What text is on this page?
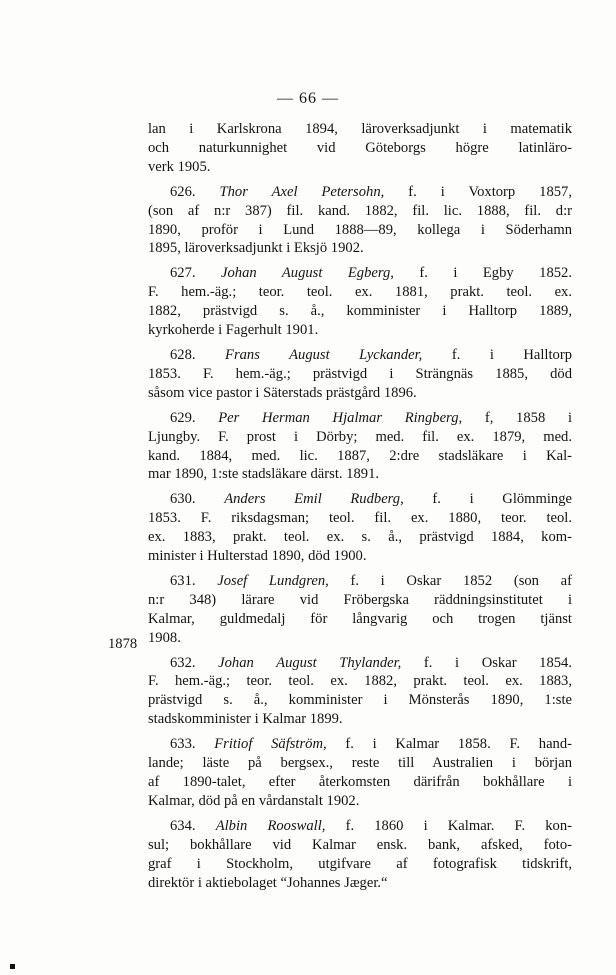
— 66 —
1878
lan i Karlskrona 1894, läroverksadjunkt i matematik
och naturkunnighet vid Göteborgs högre latinläro-
verk 1905.
626. Thor Axel Petersohn, f. i Voxtorp 1857,
(son af n:r 387) fil. kand. 1882, fil. lic. 1888, fil. d:r
1890, proför i Lund 1888—89, kollega i Söderhamn
1895, läroverksadjunkt i Eksjö 1902.
627. Johan August Egberg, f. i Egby 1852.
F. hem.-äg.; teor. teol. ex. 1881, prakt. teol. ex.
1882, prästvigd s. å., komminister i Halltorp 1889,
kyrkoherde i Fagerhult 1901.
628. Frans August Lyckander, f. i Halltorp
1853. F. hem.-äg.; prästvigd i Strängnäs 1885, död
såsom vice pastor i Säterstads prästgård 1896.
629. Per Herman Hjalmar Ringberg, f, 1858 i
Ljungby. F. prost i Dörby; med. fil. ex. 1879, med.
kand. 1884, med. lic. 1887, 2:dre stadsläkare i Kal-
mar 1890, 1:ste stadsläkare därst. 1891.
630. Anders Emil Rudberg, f. i Glömminge
1853. F. riksdagsman; teol. fil. ex. 1880, teor. teol.
ex. 1883, prakt. teol. ex. s. å., prästvigd 1884, kom-
minister i Hulterstad 1890, död 1900.
631. Josef Lundgren, f. i Oskar 1852 (son af
n:r 348) lärare vid Fröbergska räddningsinstitutet i
Kalmar, guldmedalj för långvarig och trogen tjänst
1908.
632. Johan August Thylander, f. i Oskar 1854.
F. hem.-äg.; teor. teol. ex. 1882, prakt. teol. ex. 1883,
prästvigd s. å., komminister i Mönsterås 1890, 1:ste
stadskomminister i Kalmar 1899.
633. Fritiof Säfström, f. i Kalmar 1858. F. hand-
lande; läste på bergsex., reste till Australien i början
af 1890-talet, efter återkomsten därifrån bokhållare i
Kalmar, död på en vårdanstalt 1902.
634. Albin Rooswall, f. 1860 i Kalmar. F. kon-
sul; bokhållare vid Kalmar ensk. bank, afsked, foto-
graf i Stockholm, utgifvare af fotografisk tidskrift,
direktör i aktiebolaget “Johannes Jæger.“
